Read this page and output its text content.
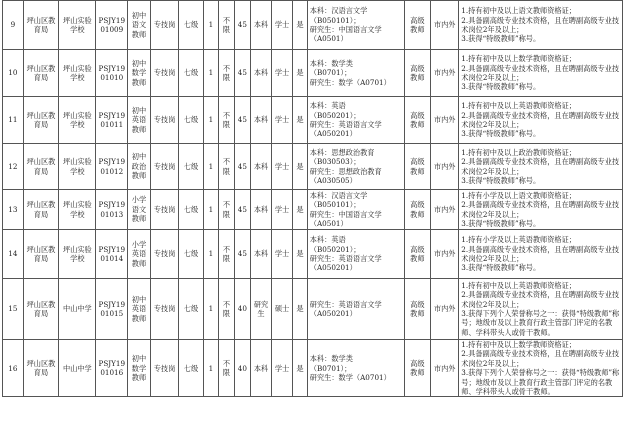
9	坪山区教育局	坪山实验学校	PSJY1901009	初中语文教师	专技岗	七级	1	不限	45	本科	学士	是	本科：汉语言文学
（B050101）；
研究生：中国语言文学
（A0501）	高级教师	市内外	1.持有初中及以上语文教师资格证；
2.具备副高级专业技术资格，且在聘副高级专业技术岗位2年及以上；
3.获得“特级教师”称号。

10	坪山区教育局	坪山实验学校	PSJY1901010	初中数学教师	专技岗	七级	1	不限	45	本科	学士	是	本科：数学类
（B0701）；
研究生：数学（A0701）	高级教师	市内外	1.持有初中及以上数学教师资格证；
2.具备副高级专业技术资格，且在聘副高级专业技术岗位2年及以上；
3.获得“特级教师”称号。

11	坪山区教育局	坪山实验学校	PSJY1901011	初中英语教师	专技岗	七级	1	不限	45	本科	学士	是	本科：英语
（B050201）；
研究生：英语语言文学
（A050201）	高级教师	市内外	1.持有初中及以上英语教师资格证；
2.具备副高级专业技术资格，且在聘副高级专业技术岗位2年及以上；
3.获得“特级教师”称号。

12	坪山区教育局	坪山实验学校	PSJY1901012	初中政治教师	专技岗	七级	1	不限	45	本科	学士	是	本科：思想政治教育
（B030503）；
研究生：思想政治教育
（A030505）	高级教师	市内外	1.持有初中及以上政治教师资格证；
2.具备副高级专业技术资格，且在聘副高级专业技术岗位2年及以上；
3.获得“特级教师”称号。

13	坪山区教育局	坪山实验学校	PSJY1901013	小学语文教师	专技岗	七级	1	不限	45	本科	学士	是	本科：汉语言文学
（B050101）；
研究生：中国语言文学
（A0501）	高级教师	市内外	1.持有小学及以上语文教师资格证；
2.具备副高级专业技术资格，且在聘副高级专业技术岗位2年及以上；
3.获得“特级教师”称号。

14	坪山区教育局	坪山实验学校	PSJY1901014	小学英语教师	专技岗	七级	1	不限	45	本科	学士	是	本科：英语
（B050201）；
研究生：英语语言文学
（A050201）	高级教师	市内外	1.持有小学及以上英语教师资格证；
2.具备副高级专业技术资格，且在聘副高级专业技术岗位2年及以上；
3.获得“特级教师”称号。

15	坪山区教育局	中山中学	PSJY1901015	初中英语教师	专技岗	七级	1	不限	40	研究生	硕士	是	研究生：英语语言文学
（A050201）	高级教师	市内外	1.持有初中及以上英语教师资格证；
2.具备副高级专业技术资格，且在聘副高级专业技术岗位2年及以上；
3.获得下列个人荣誉称号之一：获得“特级教师”称号；地级市及以上教育行政主管部门评定的名教师、学科带头人或骨干教师。

16	坪山区教育局	中山中学	PSJY1901016	初中数学教师	专技岗	七级	1	不限	40	本科	学士	是	本科：数学类
（B0701）；
研究生：数学（A0701）	高级教师	市内外	1.持有初中及以上数学教师资格证；
2.具备副高级专业技术资格，且在聘副高级专业技术岗位2年及以上；
3.获得下列个人荣誉称号之一：获得“特级教师”称号；地级市及以上教育行政主管部门评定的名教师、学科带头人或骨干教师。
